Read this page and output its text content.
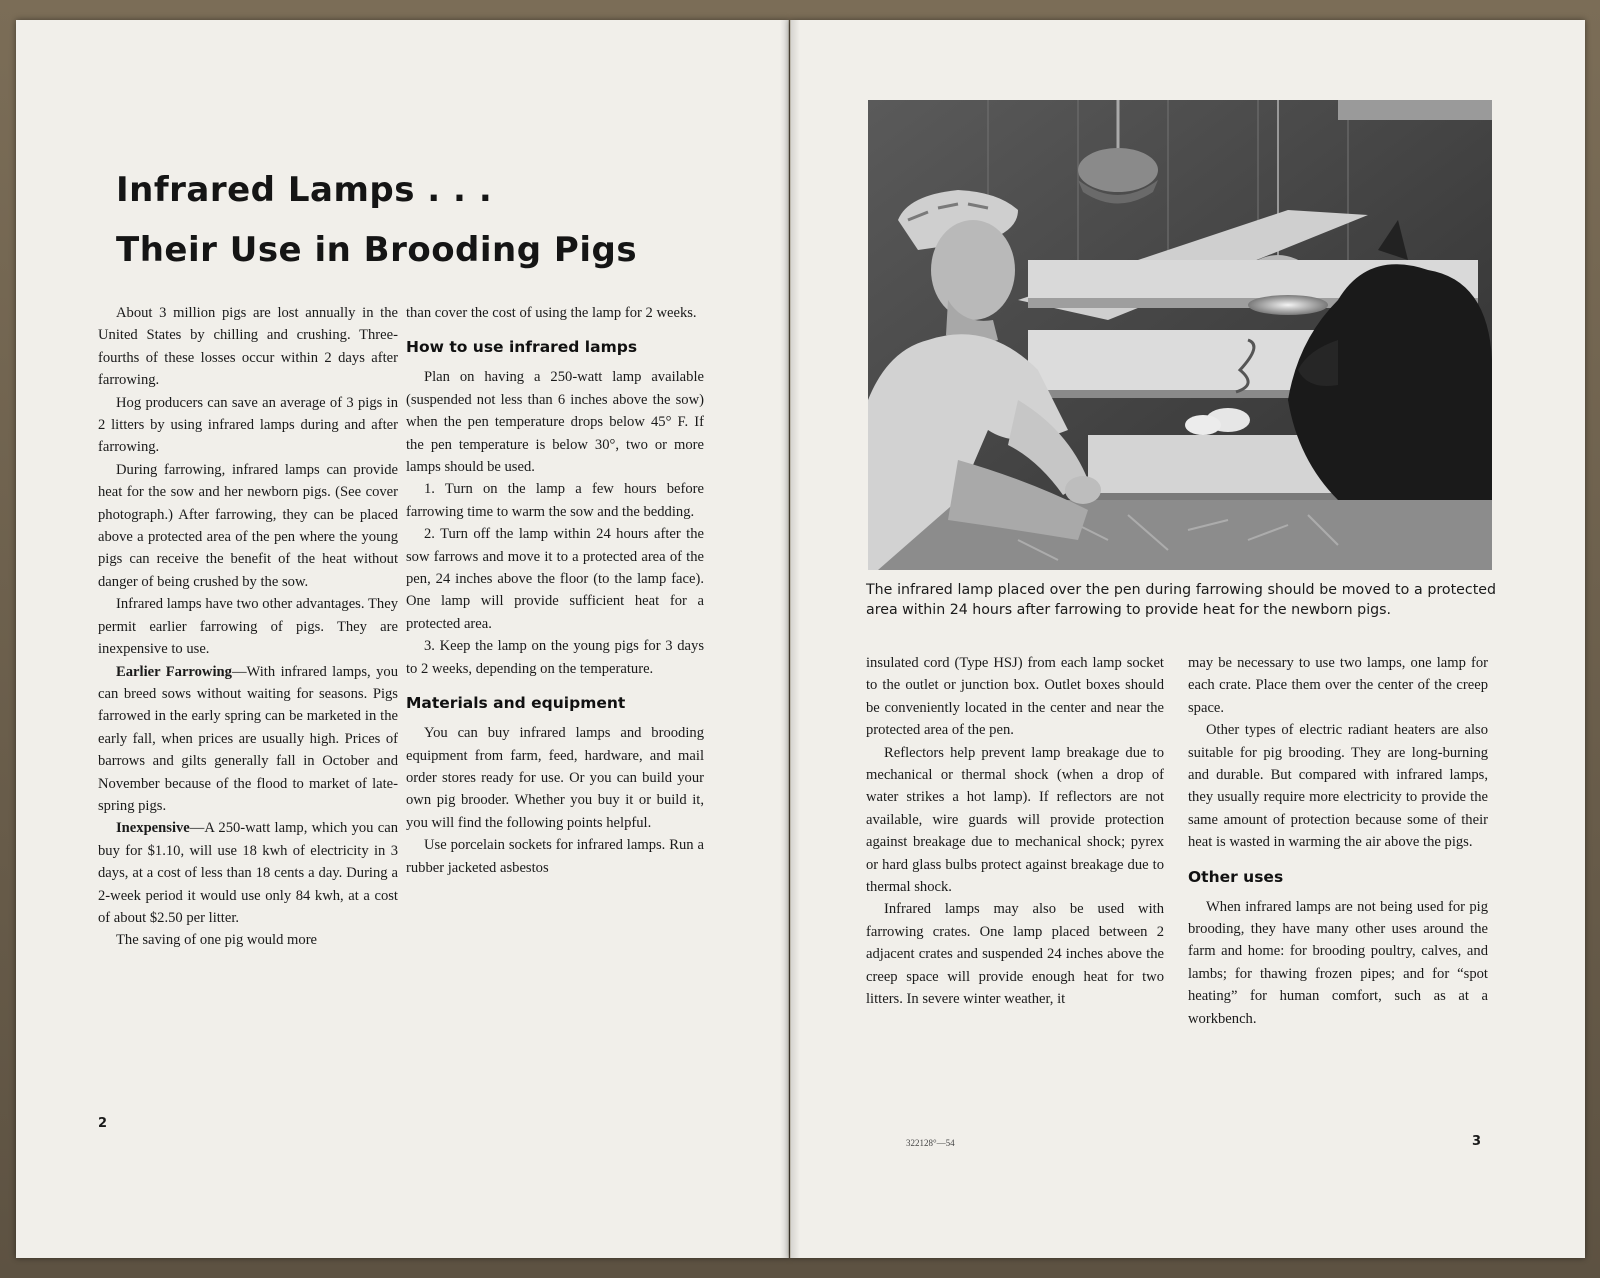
Infrared Lamps . . .
Their Use in Brooding Pigs

About 3 million pigs are lost annually in the United States by chilling and crushing. Three-fourths of these losses occur within 2 days after farrowing.

Hog producers can save an average of 3 pigs in 2 litters by using infrared lamps during and after farrowing.

During farrowing, infrared lamps can provide heat for the sow and her newborn pigs. (See cover photograph.) After farrowing, they can be placed above a protected area of the pen where the young pigs can receive the benefit of the heat without danger of being crushed by the sow.

Infrared lamps have two other advantages. They permit earlier farrowing of pigs. They are inexpensive to use.

Earlier Farrowing—With infrared lamps, you can breed sows without waiting for seasons. Pigs farrowed in the early spring can be marketed in the early fall, when prices are usually high. Prices of barrows and gilts generally fall in October and November because of the flood to market of late-spring pigs.

Inexpensive—A 250-watt lamp, which you can buy for $1.10, will use 18 kwh of electricity in 3 days, at a cost of less than 18 cents a day. During a 2-week period it would use only 84 kwh, at a cost of about $2.50 per litter.

The saving of one pig would more

than cover the cost of using the lamp for 2 weeks.

How to use infrared lamps

Plan on having a 250-watt lamp available (suspended not less than 6 inches above the sow) when the pen temperature drops below 45° F. If the pen temperature is below 30°, two or more lamps should be used.

1. Turn on the lamp a few hours before farrowing time to warm the sow and the bedding.

2. Turn off the lamp within 24 hours after the sow farrows and move it to a protected area of the pen, 24 inches above the floor (to the lamp face). One lamp will provide sufficient heat for a protected area.

3. Keep the lamp on the young pigs for 3 days to 2 weeks, depending on the temperature.

Materials and equipment

You can buy infrared lamps and brooding equipment from farm, feed, hardware, and mail order stores ready for use. Or you can build your own pig brooder. Whether you buy it or build it, you will find the following points helpful.

Use porcelain sockets for infrared lamps. Run a rubber jacketed asbestos

2

The infrared lamp placed over the pen during farrowing should be moved to a protected area within 24 hours after farrowing to provide heat for the newborn pigs.

insulated cord (Type HSJ) from each lamp socket to the outlet or junction box. Outlet boxes should be conveniently located in the center and near the protected area of the pen.

Reflectors help prevent lamp breakage due to mechanical or thermal shock (when a drop of water strikes a hot lamp). If reflectors are not available, wire guards will provide protection against breakage due to mechanical shock; pyrex or hard glass bulbs protect against breakage due to thermal shock.

Infrared lamps may also be used with farrowing crates. One lamp placed between 2 adjacent crates and suspended 24 inches above the creep space will provide enough heat for two litters. In severe winter weather, it

may be necessary to use two lamps, one lamp for each crate. Place them over the center of the creep space.

Other types of electric radiant heaters are also suitable for pig brooding. They are long-burning and durable. But compared with infrared lamps, they usually require more electricity to provide the same amount of protection because some of their heat is wasted in warming the air above the pigs.

Other uses

When infrared lamps are not being used for pig brooding, they have many other uses around the farm and home: for brooding poultry, calves, and lambs; for thawing frozen pipes; and for “spot heating” for human comfort, such as at a workbench.

322128°—54	3
